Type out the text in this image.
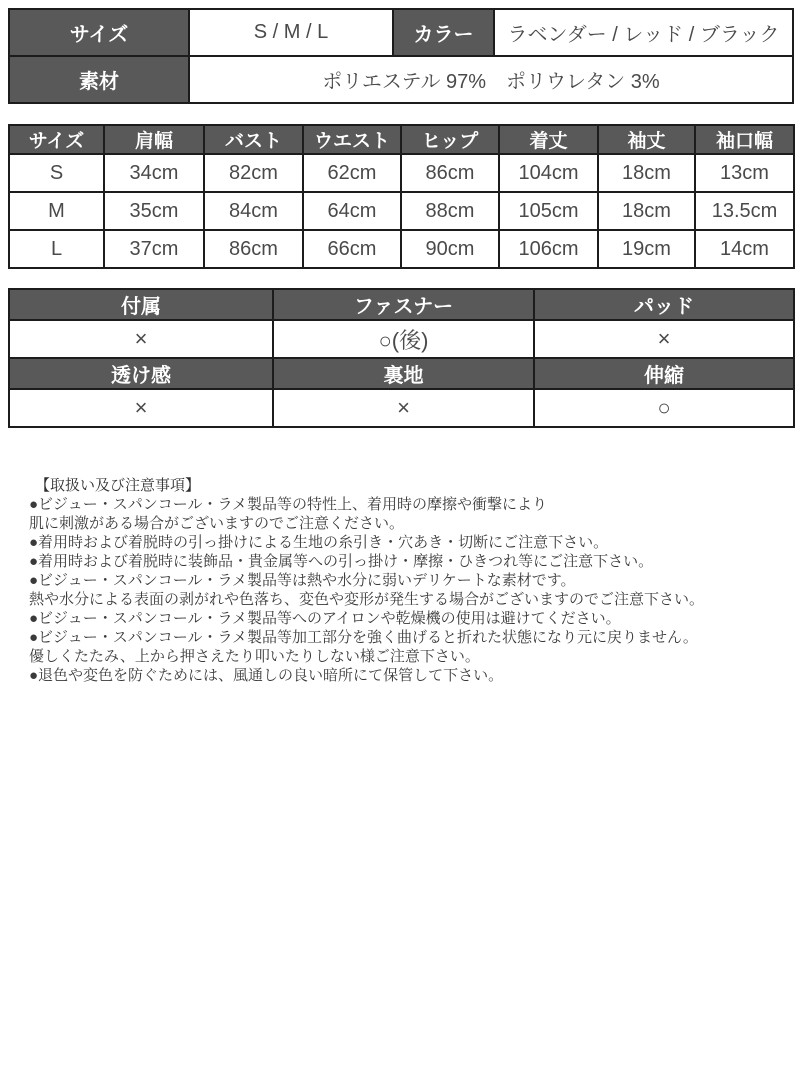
サイズ	S / M / L	カラー	ラベンダー / レッド / ブラック
素材	ポリエステル 97%　ポリウレタン 3%		
サイズ	肩幅	バスト	ウエスト	ヒップ	着丈	袖丈	袖口幅
S	34cm	82cm	62cm	86cm	104cm	18cm	13cm
M	35cm	84cm	64cm	88cm	105cm	18cm	13.5cm
L	37cm	86cm	66cm	90cm	106cm	19cm	14cm
付属	ファスナー	パッド
×	○(後)	×
透け感	裏地	伸縮
×	×	○
【取扱い及び注意事項】
●ビジュー・スパンコール・ラメ製品等の特性上、着用時の摩擦や衝撃により
肌に刺激がある場合がございますのでご注意ください。
●着用時および着脱時の引っ掛けによる生地の糸引き・穴あき・切断にご注意下さい。
●着用時および着脱時に装飾品・貴金属等への引っ掛け・摩擦・ひきつれ等にご注意下さい。
●ビジュー・スパンコール・ラメ製品等は熱や水分に弱いデリケートな素材です。
熱や水分による表面の剥がれや色落ち、変色や変形が発生する場合がございますのでご注意下さい。
●ビジュー・スパンコール・ラメ製品等へのアイロンや乾燥機の使用は避けてください。
●ビジュー・スパンコール・ラメ製品等加工部分を強く曲げると折れた状態になり元に戻りません。
優しくたたみ、上から押さえたり叩いたりしない様ご注意下さい。
●退色や変色を防ぐためには、風通しの良い暗所にて保管して下さい。
